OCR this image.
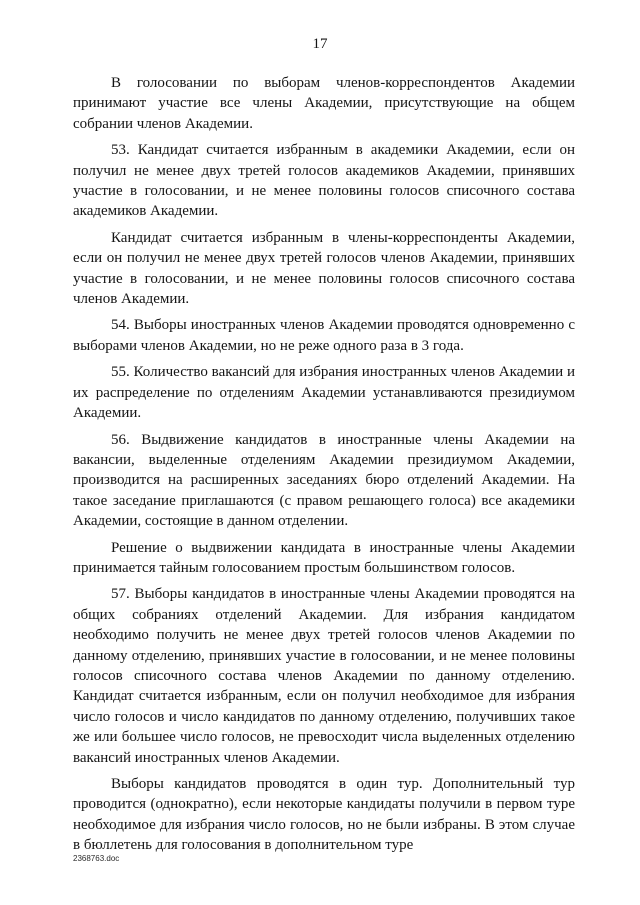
17

В голосовании по выборам членов-корреспондентов Академии принимают участие все члены Академии, присутствующие на общем собрании членов Академии.

53. Кандидат считается избранным в академики Академии, если он получил не менее двух третей голосов академиков Академии, принявших участие в голосовании, и не менее половины голосов списочного состава академиков Академии.

Кандидат считается избранным в члены-корреспонденты Академии, если он получил не менее двух третей голосов членов Академии, принявших участие в голосовании, и не менее половины голосов списочного состава членов Академии.

54. Выборы иностранных членов Академии проводятся одновременно с выборами членов Академии, но не реже одного раза в 3 года.

55. Количество вакансий для избрания иностранных членов Академии и их распределение по отделениям Академии устанавливаются президиумом Академии.

56. Выдвижение кандидатов в иностранные члены Академии на вакансии, выделенные отделениям Академии президиумом Академии, производится на расширенных заседаниях бюро отделений Академии. На такое заседание приглашаются (с правом решающего голоса) все академики Академии, состоящие в данном отделении.

Решение о выдвижении кандидата в иностранные члены Академии принимается тайным голосованием простым большинством голосов.

57. Выборы кандидатов в иностранные члены Академии проводятся на общих собраниях отделений Академии. Для избрания кандидатом необходимо получить не менее двух третей голосов членов Академии по данному отделению, принявших участие в голосовании, и не менее половины голосов списочного состава членов Академии по данному отделению. Кандидат считается избранным, если он получил необходимое для избрания число голосов и число кандидатов по данному отделению, получивших такое же или большее число голосов, не превосходит числа выделенных отделению вакансий иностранных членов Академии.

Выборы кандидатов проводятся в один тур. Дополнительный тур проводится (однократно), если некоторые кандидаты получили в первом туре необходимое для избрания число голосов, но не были избраны. В этом случае в бюллетень для голосования в дополнительном туре

2368763.doc
